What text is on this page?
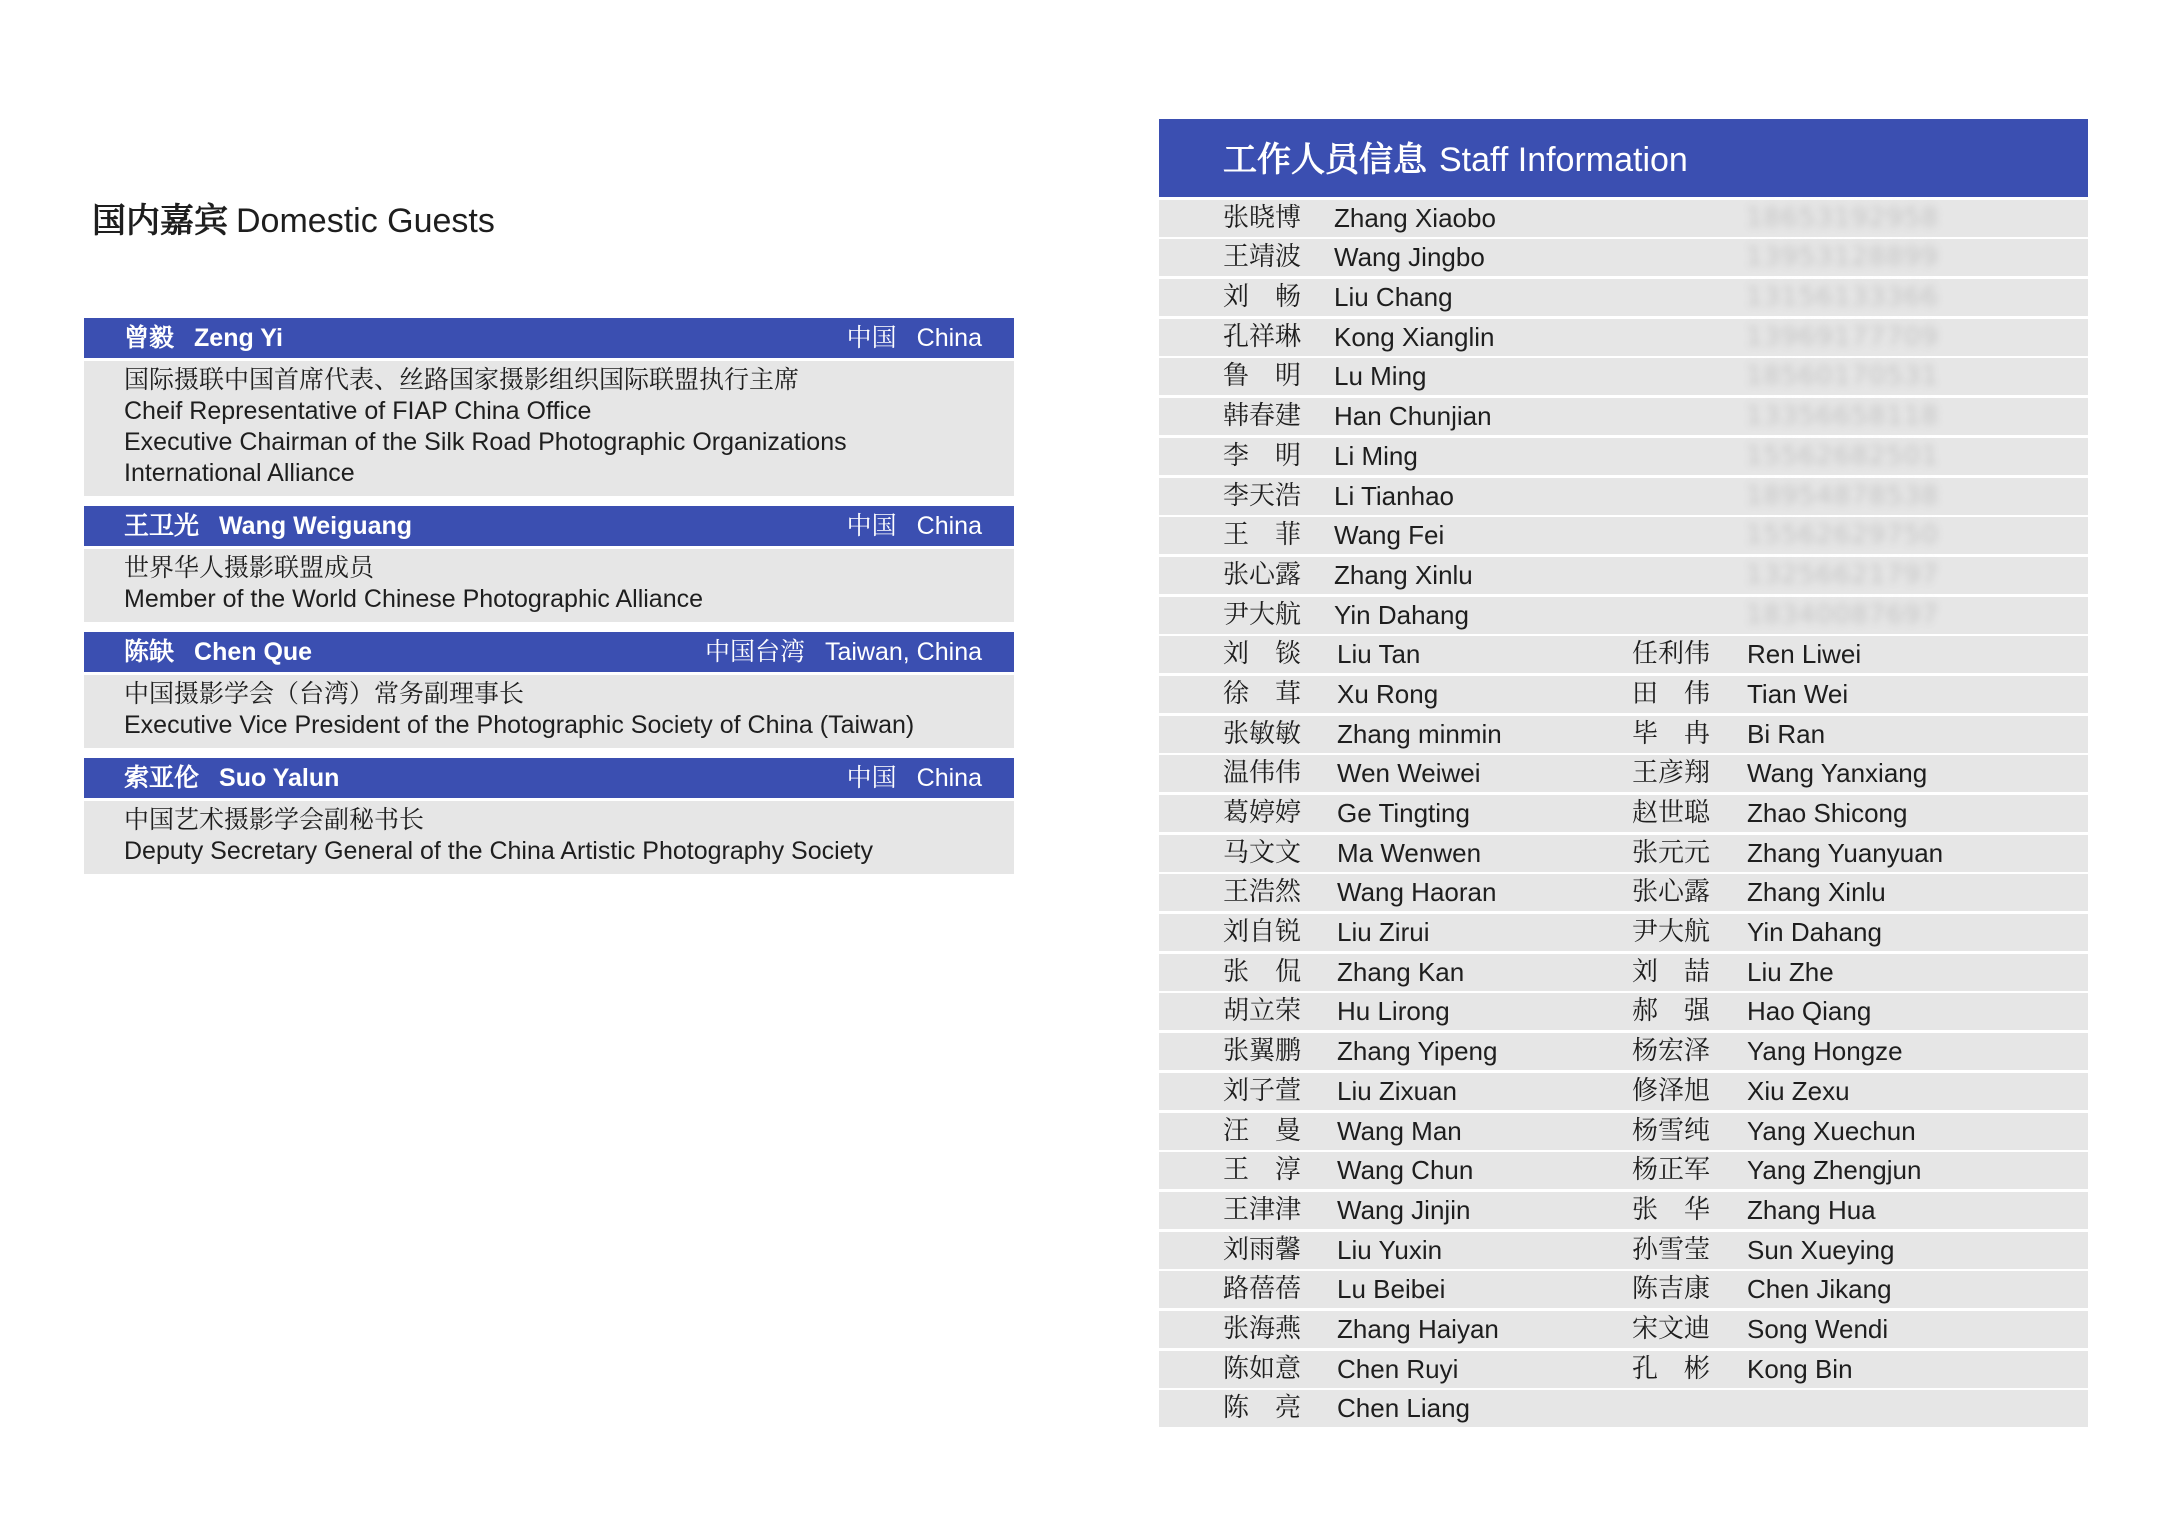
国内嘉宾 Domestic Guests
曾毅 Zeng Yi	中国 China
国际摄联中国首席代表、丝路国家摄影组织国际联盟执行主席
Cheif Representative of FIAP China Office
Executive Chairman of the Silk Road Photographic Organizations
International Alliance
王卫光 Wang Weiguang	中国 China
世界华人摄影联盟成员
Member of the World Chinese Photographic Alliance
陈缺 Chen Que	中国台湾 Taiwan, China
中国摄影学会（台湾）常务副理事长
Executive Vice President of the Photographic Society of China (Taiwan)
索亚伦 Suo Yalun	中国 China
中国艺术摄影学会副秘书长
Deputy Secretary General of the China Artistic Photography Society
工作人员信息 Staff Information
张晓博 Zhang Xiaobo	18653192958
王靖波 Wang Jingbo	13953128899
刘畅 Liu Chang	13156133366
孔祥琳 Kong Xianglin	13969177709
鲁明 Lu Ming	18560170531
韩春建 Han Chunjian	13356658118
李明 Li Ming	15562682501
李天浩 Li Tianhao	18954878538
王菲 Wang Fei	15562629750
张心露 Zhang Xinlu	13256621797
尹大航 Yin Dahang	18340087697
刘锬 Liu Tan	任利伟 Ren Liwei
徐茸 Xu Rong	田伟 Tian Wei
张敏敏 Zhang minmin	毕冉 Bi Ran
温伟伟 Wen Weiwei	王彦翔 Wang Yanxiang
葛婷婷 Ge Tingting	赵世聪 Zhao Shicong
马文文 Ma Wenwen	张元元 Zhang Yuanyuan
王浩然 Wang Haoran	张心露 Zhang Xinlu
刘自锐 Liu Zirui	尹大航 Yin Dahang
张侃 Zhang Kan	刘喆 Liu Zhe
胡立荣 Hu Lirong	郝强 Hao Qiang
张翼鹏 Zhang Yipeng	杨宏泽 Yang Hongze
刘子萱 Liu Zixuan	修泽旭 Xiu Zexu
汪曼 Wang Man	杨雪纯 Yang Xuechun
王淳 Wang Chun	杨正军 Yang Zhengjun
王津津 Wang Jinjin	张华 Zhang Hua
刘雨馨 Liu Yuxin	孙雪莹 Sun Xueying
路蓓蓓 Lu Beibei	陈吉康 Chen Jikang
张海燕 Zhang Haiyan	宋文迪 Song Wendi
陈如意 Chen Ruyi	孔彬 Kong Bin
陈亮 Chen Liang
